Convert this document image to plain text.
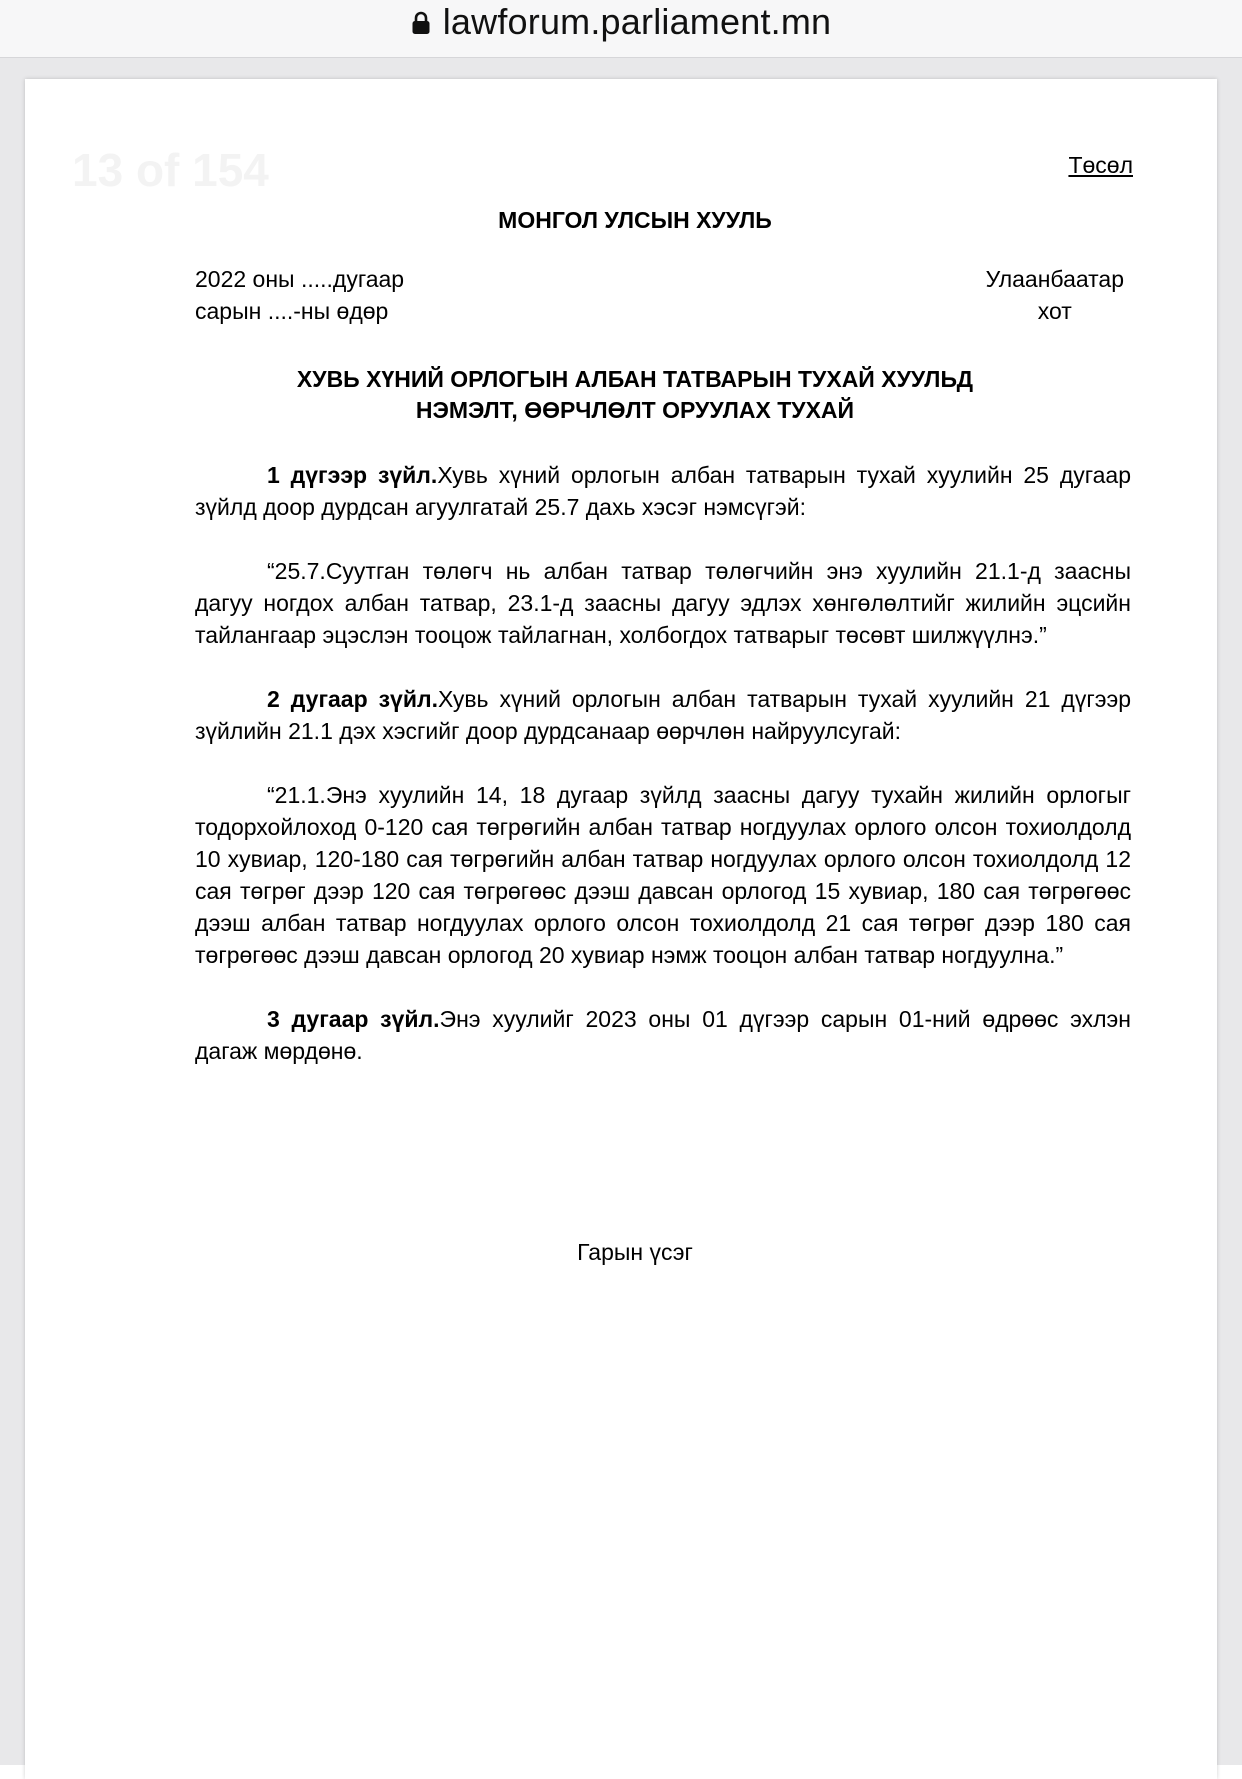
lawforum.parliament.mn
13 of 154	Төсөл
МОНГОЛ УЛСЫН ХУУЛЬ
2022 оны .....дугаар
сарын ....-ны өдөр
Улаанбаатар
хот
ХУВЬ ХҮНИЙ ОРЛОГЫН АЛБАН ТАТВАРЫН ТУХАЙ ХУУЛЬД
НЭМЭЛТ, ӨӨРЧЛӨЛТ ОРУУЛАХ ТУХАЙ

1 дүгээр зүйл.Хувь хүний орлогын албан татварын тухай хуулийн 25 дугаар зүйлд доор дурдсан агуулгатай 25.7 дахь хэсэг нэмсүгэй:

“25.7.Суутган төлөгч нь албан татвар төлөгчийн энэ хуулийн 21.1-д заасны дагуу ногдох албан татвар, 23.1-д заасны дагуу эдлэх хөнгөлөлтийг жилийн эцсийн тайлангаар эцэслэн тооцож тайлагнан, холбогдох татварыг төсөвт шилжүүлнэ.”

2 дугаар зүйл.Хувь хүний орлогын албан татварын тухай хуулийн 21 дүгээр зүйлийн 21.1 дэх хэсгийг доор дурдсанаар өөрчлөн найруулсугай:

“21.1.Энэ хуулийн 14, 18 дугаар зүйлд заасны дагуу тухайн жилийн орлогыг тодорхойлоход 0-120 сая төгрөгийн албан татвар ногдуулах орлого олсон тохиолдолд 10 хувиар, 120-180 сая төгрөгийн албан татвар ногдуулах орлого олсон тохиолдолд 12 сая төгрөг дээр 120 сая төгрөгөөс дээш давсан орлогод 15 хувиар, 180 сая төгрөгөөс дээш албан татвар ногдуулах орлого олсон тохиолдолд 21 сая төгрөг дээр 180 сая төгрөгөөс дээш давсан орлогод 20 хувиар нэмж тооцон албан татвар ногдуулна.”

3 дугаар зүйл.Энэ хуулийг 2023 оны 01 дүгээр сарын 01-ний өдрөөс эхлэн дагаж мөрдөнө.

Гарын үсэг
